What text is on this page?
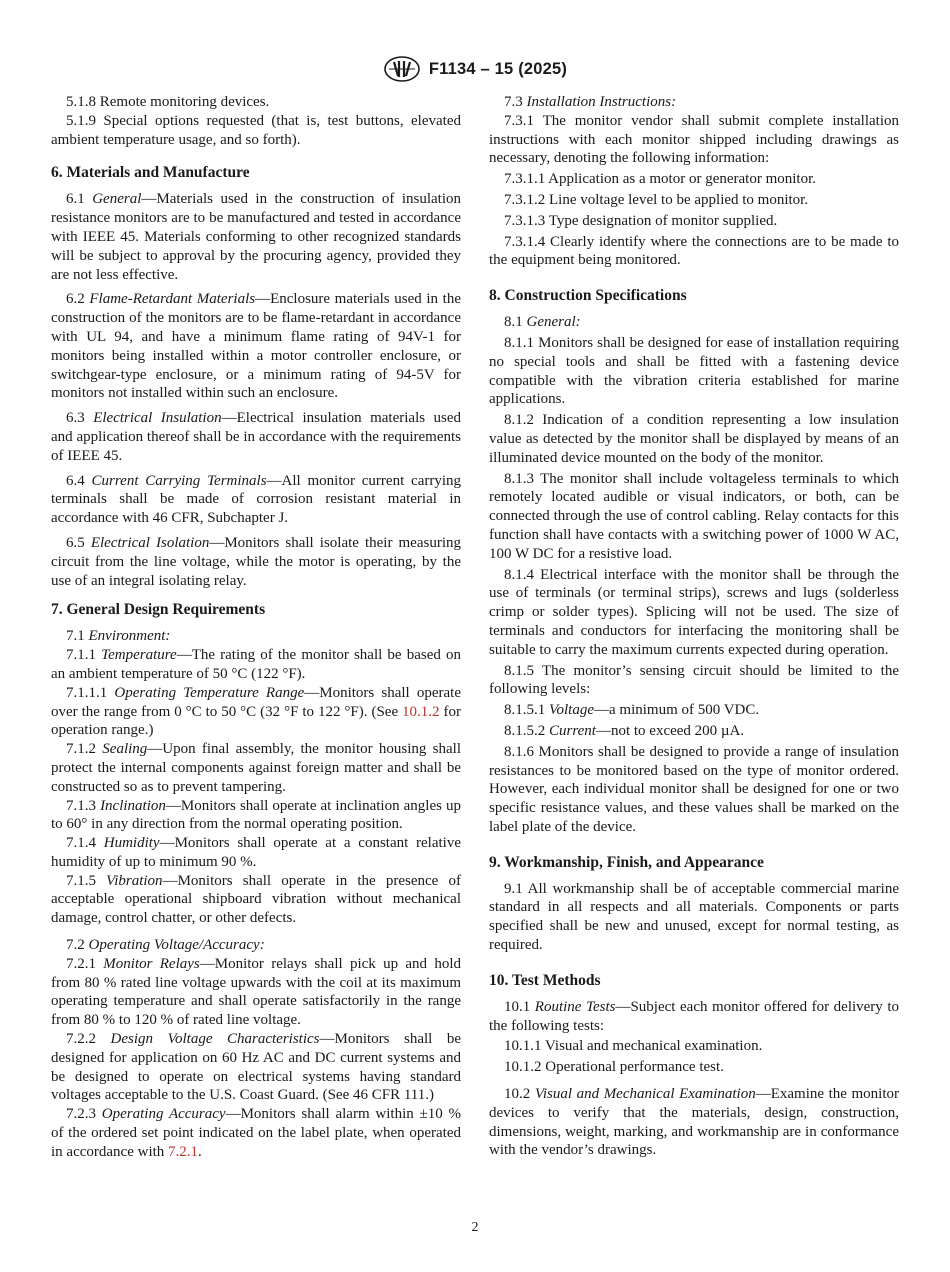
F1134 – 15 (2025)

5.1.8 Remote monitoring devices.

5.1.9 Special options requested (that is, test buttons, elevated ambient temperature usage, and so forth).

6. Materials and Manufacture

6.1 General—Materials used in the construction of insulation resistance monitors are to be manufactured and tested in accordance with IEEE 45. Materials conforming to other recognized standards will be subject to approval by the procuring agency, provided they are not less effective.

6.2 Flame-Retardant Materials—Enclosure materials used in the construction of the monitors are to be flame-retardant in accordance with UL 94, and have a minimum flame rating of 94V-1 for monitors being installed within a motor controller enclosure, or switchgear-type enclosure, or a minimum rating of 94-5V for monitors not installed within such an enclosure.

6.3 Electrical Insulation—Electrical insulation materials used and application thereof shall be in accordance with the requirements of IEEE 45.

6.4 Current Carrying Terminals—All monitor current carrying terminals shall be made of corrosion resistant material in accordance with 46 CFR, Subchapter J.

6.5 Electrical Isolation—Monitors shall isolate their measuring circuit from the line voltage, while the motor is operating, by the use of an integral isolating relay.

7. General Design Requirements

7.1 Environment:

7.1.1 Temperature—The rating of the monitor shall be based on an ambient temperature of 50 °C (122 °F).

7.1.1.1 Operating Temperature Range—Monitors shall operate over the range from 0 °C to 50 °C (32 °F to 122 °F). (See 10.1.2 for operation range.)

7.1.2 Sealing—Upon final assembly, the monitor housing shall protect the internal components against foreign matter and shall be constructed so as to prevent tampering.

7.1.3 Inclination—Monitors shall operate at inclination angles up to 60° in any direction from the normal operating position.

7.1.4 Humidity—Monitors shall operate at a constant relative humidity of up to minimum 90 %.

7.1.5 Vibration—Monitors shall operate in the presence of acceptable operational shipboard vibration without mechanical damage, control chatter, or other defects.

7.2 Operating Voltage/Accuracy:

7.2.1 Monitor Relays—Monitor relays shall pick up and hold from 80 % rated line voltage upwards with the coil at its maximum operating temperature and shall operate satisfactorily in the range from 80 % to 120 % of rated line voltage.

7.2.2 Design Voltage Characteristics—Monitors shall be designed for application on 60 Hz AC and DC current systems and be designed to operate on electrical systems having standard voltages acceptable to the U.S. Coast Guard. (See 46 CFR 111.)

7.2.3 Operating Accuracy—Monitors shall alarm within ±10 % of the ordered set point indicated on the label plate, when operated in accordance with 7.2.1.

7.3 Installation Instructions:

7.3.1 The monitor vendor shall submit complete installation instructions with each monitor shipped including drawings as necessary, denoting the following information:

7.3.1.1 Application as a motor or generator monitor.

7.3.1.2 Line voltage level to be applied to monitor.

7.3.1.3 Type designation of monitor supplied.

7.3.1.4 Clearly identify where the connections are to be made to the equipment being monitored.

8. Construction Specifications

8.1 General:

8.1.1 Monitors shall be designed for ease of installation requiring no special tools and shall be fitted with a fastening device compatible with the vibration criteria established for marine applications.

8.1.2 Indication of a condition representing a low insulation value as detected by the monitor shall be displayed by means of an illuminated device mounted on the body of the monitor.

8.1.3 The monitor shall include voltageless terminals to which remotely located audible or visual indicators, or both, can be connected through the use of control cabling. Relay contacts for this function shall have contacts with a switching power of 1000 W AC, 100 W DC for a resistive load.

8.1.4 Electrical interface with the monitor shall be through the use of terminals (or terminal strips), screws and lugs (solderless crimp or solder types). Splicing will not be used. The size of terminals and conductors for interfacing the monitoring shall be suitable to carry the maximum currents expected during operation.

8.1.5 The monitor’s sensing circuit should be limited to the following levels:

8.1.5.1 Voltage—a minimum of 500 VDC.

8.1.5.2 Current—not to exceed 200 µA.

8.1.6 Monitors shall be designed to provide a range of insulation resistances to be monitored based on the type of monitor ordered. However, each individual monitor shall be designed for one or two specific resistance values, and these values shall be marked on the label plate of the device.

9. Workmanship, Finish, and Appearance

9.1 All workmanship shall be of acceptable commercial marine standard in all respects and all materials. Components or parts specified shall be new and unused, except for normal testing, as required.

10. Test Methods

10.1 Routine Tests—Subject each monitor offered for delivery to the following tests:

10.1.1 Visual and mechanical examination.

10.1.2 Operational performance test.

10.2 Visual and Mechanical Examination—Examine the monitor devices to verify that the materials, design, construction, dimensions, weight, marking, and workmanship are in conformance with the vendor’s drawings.

2
